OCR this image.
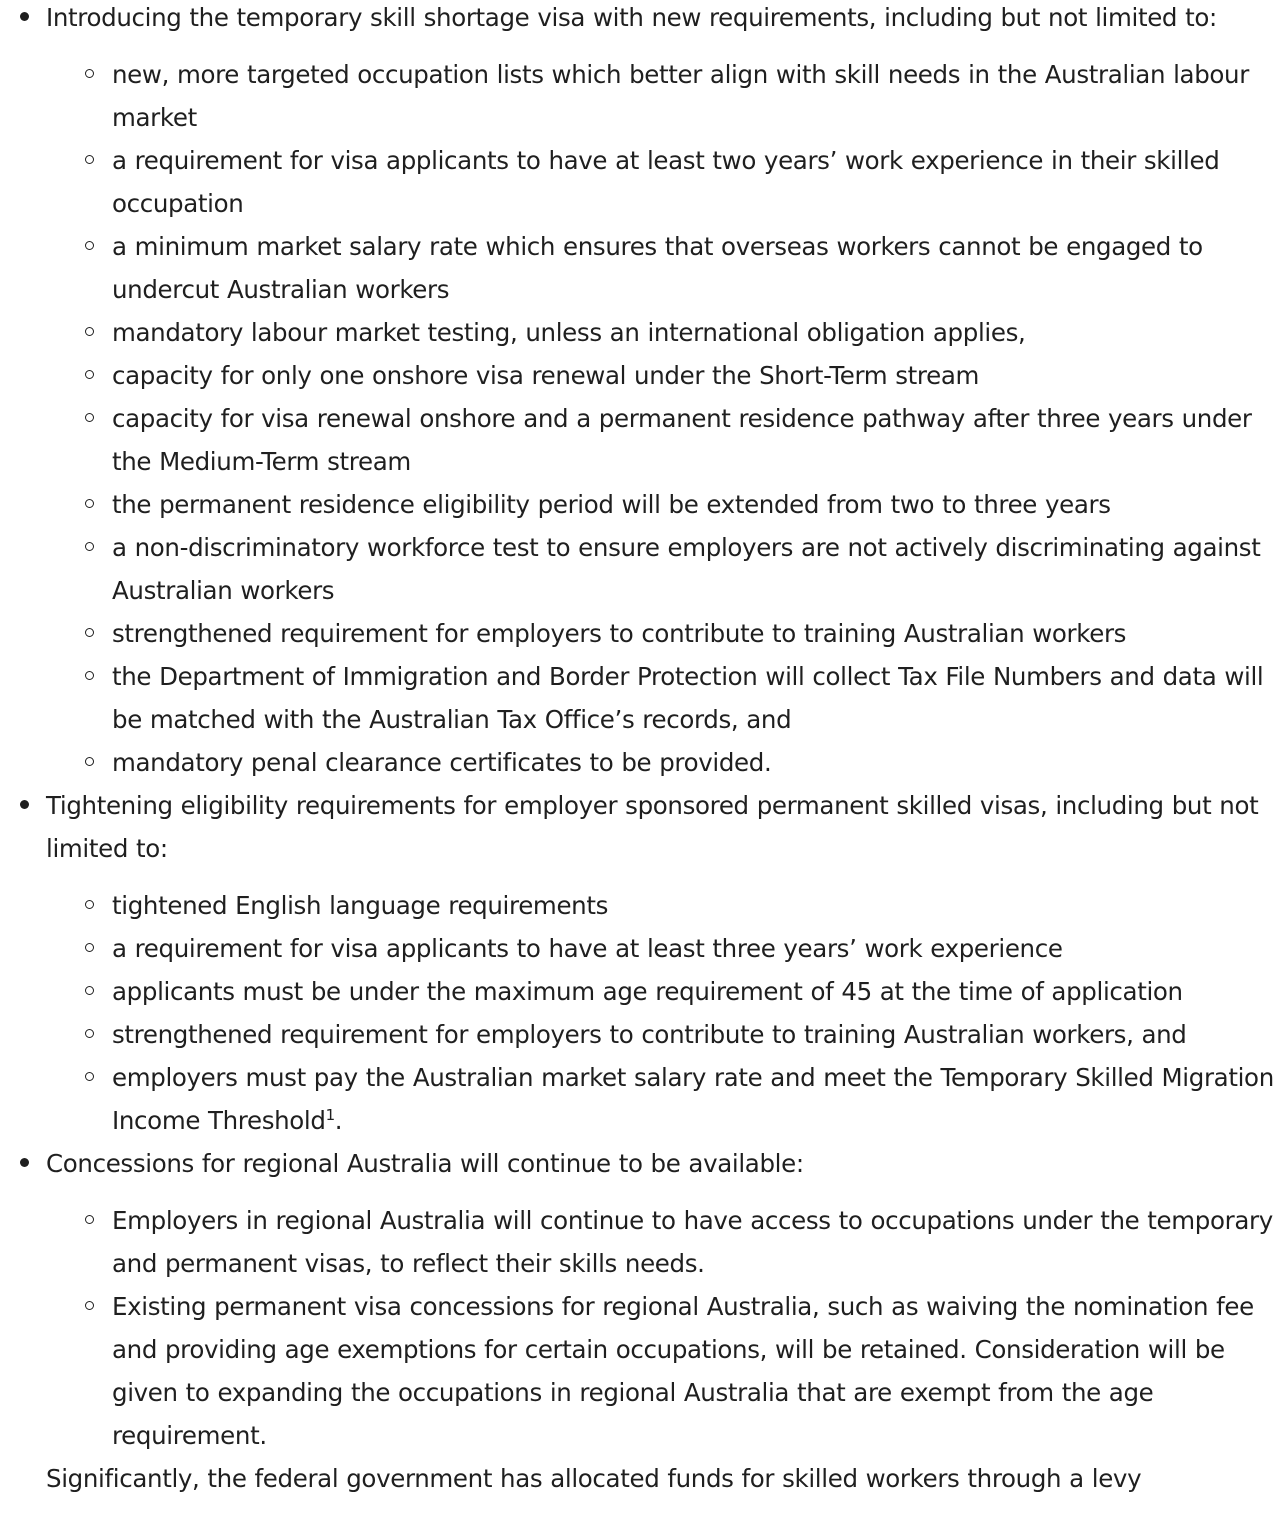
Introducing the temporary skill shortage visa with new requirements, including but not limited to:
new, more targeted occupation lists which better align with skill needs in the Australian labour market
a requirement for visa applicants to have at least two years’ work experience in their skilled occupation
a minimum market salary rate which ensures that overseas workers cannot be engaged to undercut Australian workers
mandatory labour market testing, unless an international obligation applies,
capacity for only one onshore visa renewal under the Short-Term stream
capacity for visa renewal onshore and a permanent residence pathway after three years under the Medium-Term stream
the permanent residence eligibility period will be extended from two to three years
a non-discriminatory workforce test to ensure employers are not actively discriminating against Australian workers
strengthened requirement for employers to contribute to training Australian workers
the Department of Immigration and Border Protection will collect Tax File Numbers and data will be matched with the Australian Tax Office’s records, and
mandatory penal clearance certificates to be provided.
Tightening eligibility requirements for employer sponsored permanent skilled visas, including but not limited to:
tightened English language requirements
a requirement for visa applicants to have at least three years’ work experience
applicants must be under the maximum age requirement of 45 at the time of application
strengthened requirement for employers to contribute to training Australian workers, and
employers must pay the Australian market salary rate and meet the Temporary Skilled Migration Income Threshold$^1$.
Concessions for regional Australia will continue to be available:
Employers in regional Australia will continue to have access to occupations under the temporary and permanent visas, to reflect their skills needs.
Existing permanent visa concessions for regional Australia, such as waiving the nomination fee and providing age exemptions for certain occupations, will be retained. Consideration will be given to expanding the occupations in regional Australia that are exempt from the age requirement.
Significantly, the federal government has allocated funds for skilled workers through a levy
